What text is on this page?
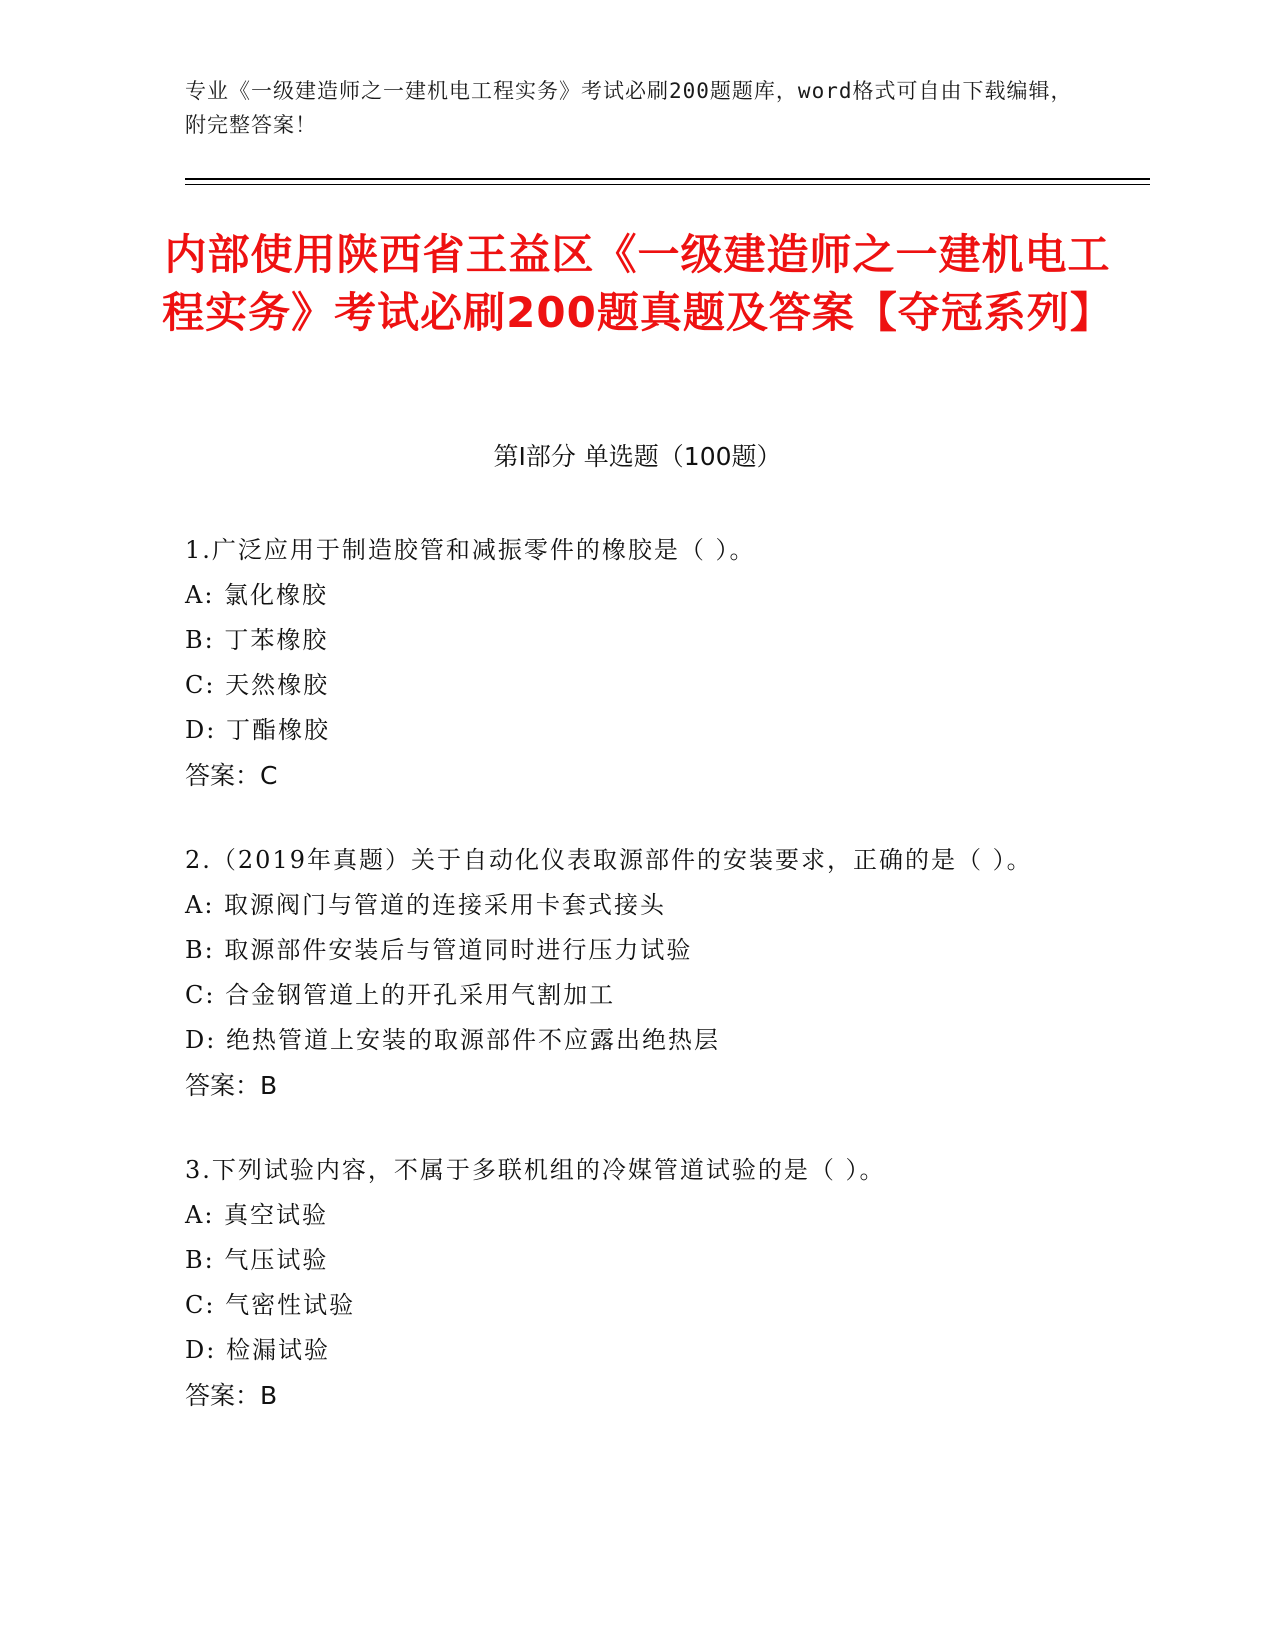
专业《一级建造师之一建机电工程实务》考试必刷200题题库，word格式可自由下载编辑，附完整答案！
内部使用陕西省王益区《一级建造师之一建机电工程实务》考试必刷200题真题及答案【夺冠系列】
第I部分 单选题（100题）

1.广泛应用于制造胶管和减振零件的橡胶是（ ）。

A: 氯化橡胶

B: 丁苯橡胶

C: 天然橡胶

D: 丁酯橡胶

答案：C

2.（2019年真题）关于自动化仪表取源部件的安装要求，正确的是（ ）。

A: 取源阀门与管道的连接采用卡套式接头

B: 取源部件安装后与管道同时进行压力试验

C: 合金钢管道上的开孔采用气割加工

D: 绝热管道上安装的取源部件不应露出绝热层

答案：B

3.下列试验内容，不属于多联机组的冷媒管道试验的是（ ）。

A: 真空试验

B: 气压试验

C: 气密性试验

D: 检漏试验

答案：B
